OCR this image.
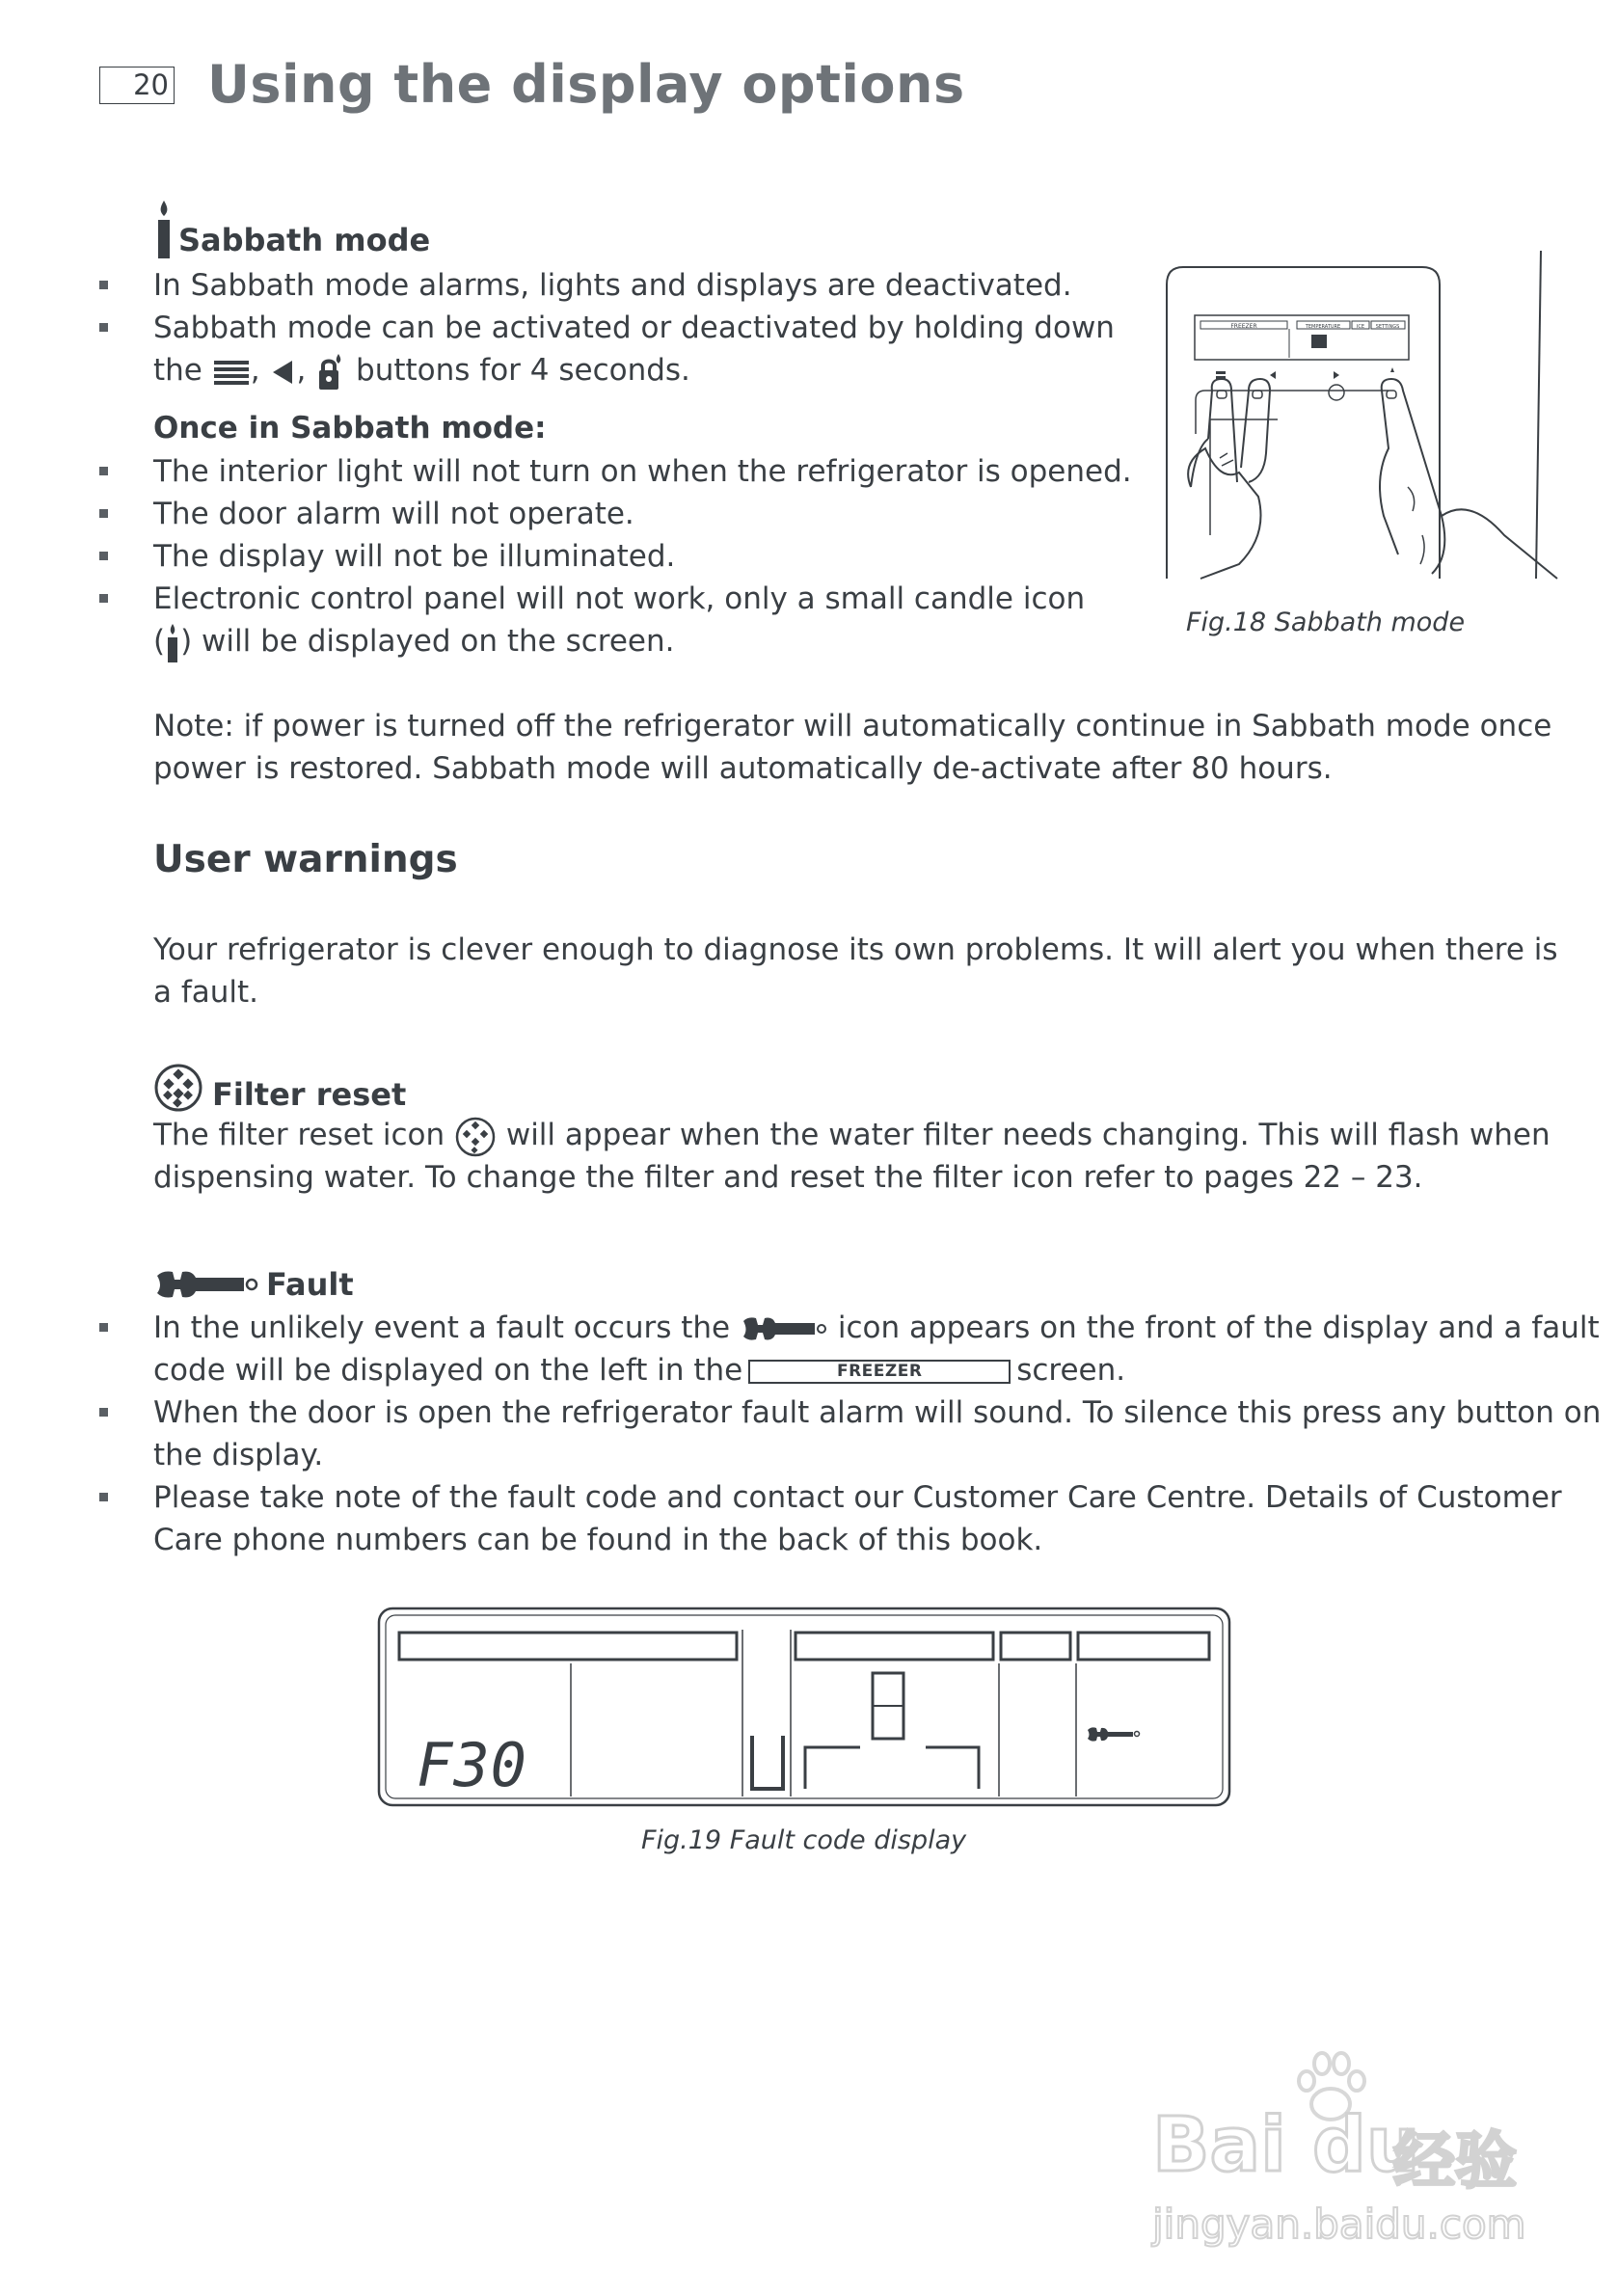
20 Using the display options
Sabbath mode
In Sabbath mode alarms, lights and displays are deactivated.
Sabbath mode can be activated or deactivated by holding down
the , , buttons for 4 seconds.
Once in Sabbath mode:
The interior light will not turn on when the refrigerator is opened.
The door alarm will not operate.
The display will not be illuminated.
Electronic control panel will not work, only a small candle icon
( ) will be displayed on the screen.
FREEZER	TEMPERATURE	ICE SETTINGS
Fig.18 Sabbath mode
Note: if power is turned off the refrigerator will automatically continue in Sabbath mode once
power is restored. Sabbath mode will automatically de-activate after 80 hours.
User warnings
Your refrigerator is clever enough to diagnose its own problems. It will alert you when there is
a fault.
Filter reset
The filter reset icon will appear when the water filter needs changing. This will flash when
dispensing water. To change the filter and reset the filter icon refer to pages 22 – 23.
Fault
In the unlikely event a fault occurs the	icon appears on the front of the display and a fault
code will be displayed on the left in the	FREEZER	screen.
When the door is open the refrigerator fault alarm will sound. To silence this press any button on
the display.
Please take note of the fault code and contact our Customer Care Centre. Details of Customer
Care phone numbers can be found in the back of this book.
F30
Fig.19 Fault code display
Bai du
经验
jingyan.baidu.com
